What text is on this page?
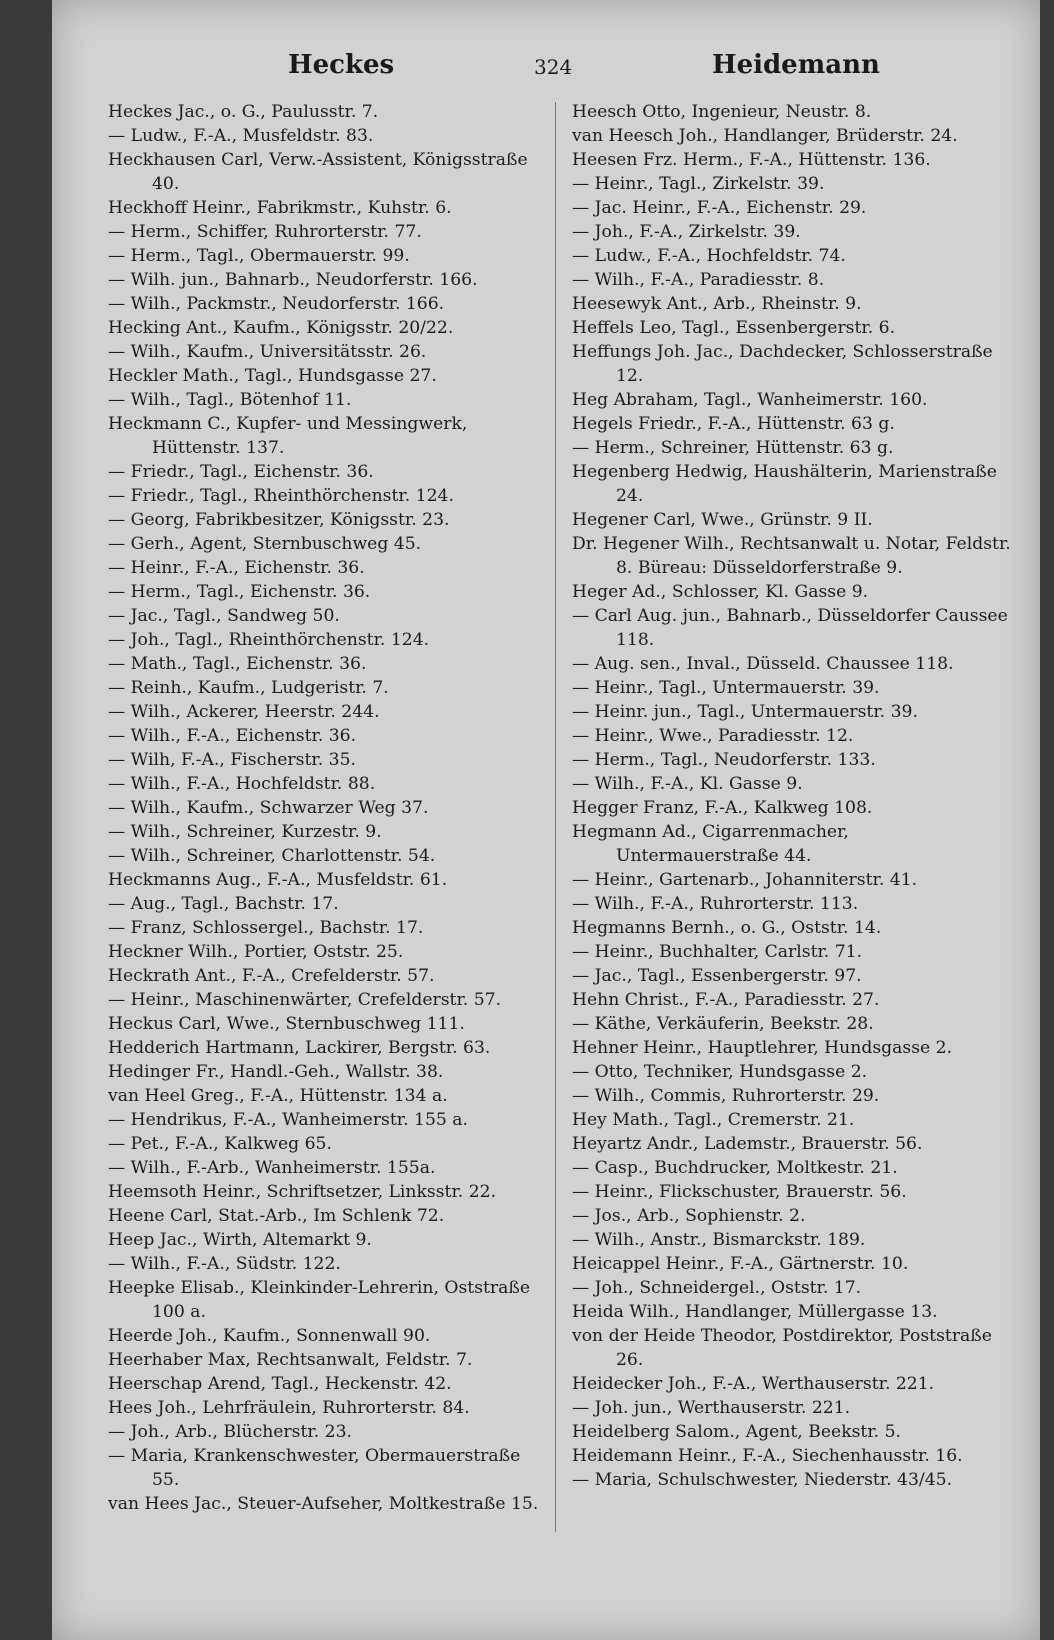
Heckes	324	Heidemann
Heckes Jac., o. G., Paulusstr. 7.
— Ludw., F.-A., Musfeldstr. 83.
Heckhausen Carl, Verw.-Assistent, Königsstraße 40.
Heckhoff Heinr., Fabrikmstr., Kuhstr. 6.
— Herm., Schiffer, Ruhrorterstr. 77.
— Herm., Tagl., Obermauerstr. 99.
— Wilh. jun., Bahnarb., Neudorferstr. 166.
— Wilh., Packmstr., Neudorferstr. 166.
Hecking Ant., Kaufm., Königsstr. 20/22.
— Wilh., Kaufm., Universitätsstr. 26.
Heckler Math., Tagl., Hundsgasse 27.
— Wilh., Tagl., Bötenhof 11.
Heckmann C., Kupfer- und Messingwerk, Hüttenstr. 137.
— Friedr., Tagl., Eichenstr. 36.
— Friedr., Tagl., Rheinthörchenstr. 124.
— Georg, Fabrikbesitzer, Königsstr. 23.
— Gerh., Agent, Sternbuschweg 45.
— Heinr., F.-A., Eichenstr. 36.
— Herm., Tagl., Eichenstr. 36.
— Jac., Tagl., Sandweg 50.
— Joh., Tagl., Rheinthörchenstr. 124.
— Math., Tagl., Eichenstr. 36.
— Reinh., Kaufm., Ludgeristr. 7.
— Wilh., Ackerer, Heerstr. 244.
— Wilh., F.-A., Eichenstr. 36.
— Wilh, F.-A., Fischerstr. 35.
— Wilh., F.-A., Hochfeldstr. 88.
— Wilh., Kaufm., Schwarzer Weg 37.
— Wilh., Schreiner, Kurzestr. 9.
— Wilh., Schreiner, Charlottenstr. 54.
Heckmanns Aug., F.-A., Musfeldstr. 61.
— Aug., Tagl., Bachstr. 17.
— Franz, Schlossergel., Bachstr. 17.
Heckner Wilh., Portier, Oststr. 25.
Heckrath Ant., F.-A., Crefelderstr. 57.
— Heinr., Maschinenwärter, Crefelderstr. 57.
Heckus Carl, Wwe., Sternbuschweg 111.
Hedderich Hartmann, Lackirer, Bergstr. 63.
Hedinger Fr., Handl.-Geh., Wallstr. 38.
van Heel Greg., F.-A., Hüttenstr. 134 a.
— Hendrikus, F.-A., Wanheimerstr. 155 a.
— Pet., F.-A., Kalkweg 65.
— Wilh., F.-Arb., Wanheimerstr. 155a.
Heemsoth Heinr., Schriftsetzer, Linksstr. 22.
Heene Carl, Stat.-Arb., Im Schlenk 72.
Heep Jac., Wirth, Altemarkt 9.
— Wilh., F.-A., Südstr. 122.
Heepke Elisab., Kleinkinder-Lehrerin, Oststraße 100 a.
Heerde Joh., Kaufm., Sonnenwall 90.
Heerhaber Max, Rechtsanwalt, Feldstr. 7.
Heerschap Arend, Tagl., Heckenstr. 42.
Hees Joh., Lehrfräulein, Ruhrorterstr. 84.
— Joh., Arb., Blücherstr. 23.
— Maria, Krankenschwester, Obermauerstraße 55.
van Hees Jac., Steuer-Aufseher, Moltkestraße 15.
Heesch Otto, Ingenieur, Neustr. 8.
van Heesch Joh., Handlanger, Brüderstr. 24.
Heesen Frz. Herm., F.-A., Hüttenstr. 136.
— Heinr., Tagl., Zirkelstr. 39.
— Jac. Heinr., F.-A., Eichenstr. 29.
— Joh., F.-A., Zirkelstr. 39.
— Ludw., F.-A., Hochfeldstr. 74.
— Wilh., F.-A., Paradiesstr. 8.
Heesewyk Ant., Arb., Rheinstr. 9.
Heffels Leo, Tagl., Essenbergerstr. 6.
Heffungs Joh. Jac., Dachdecker, Schlosserstraße 12.
Heg Abraham, Tagl., Wanheimerstr. 160.
Hegels Friedr., F.-A., Hüttenstr. 63 g.
— Herm., Schreiner, Hüttenstr. 63 g.
Hegenberg Hedwig, Haushälterin, Marienstraße 24.
Hegener Carl, Wwe., Grünstr. 9 II.
Dr. Hegener Wilh., Rechtsanwalt u. Notar, Feldstr. 8. Büreau: Düsseldorferstraße 9.
Heger Ad., Schlosser, Kl. Gasse 9.
— Carl Aug. jun., Bahnarb., Düsseldorfer Caussee 118.
— Aug. sen., Inval., Düsseld. Chaussee 118.
— Heinr., Tagl., Untermauerstr. 39.
— Heinr. jun., Tagl., Untermauerstr. 39.
— Heinr., Wwe., Paradiesstr. 12.
— Herm., Tagl., Neudorferstr. 133.
— Wilh., F.-A., Kl. Gasse 9.
Hegger Franz, F.-A., Kalkweg 108.
Hegmann Ad., Cigarrenmacher, Untermauerstraße 44.
— Heinr., Gartenarb., Johanniterstr. 41.
— Wilh., F.-A., Ruhrorterstr. 113.
Hegmanns Bernh., o. G., Oststr. 14.
— Heinr., Buchhalter, Carlstr. 71.
— Jac., Tagl., Essenbergerstr. 97.
Hehn Christ., F.-A., Paradiesstr. 27.
— Käthe, Verkäuferin, Beekstr. 28.
Hehner Heinr., Hauptlehrer, Hundsgasse 2.
— Otto, Techniker, Hundsgasse 2.
— Wilh., Commis, Ruhrorterstr. 29.
Hey Math., Tagl., Cremerstr. 21.
Heyartz Andr., Lademstr., Brauerstr. 56.
— Casp., Buchdrucker, Moltkestr. 21.
— Heinr., Flickschuster, Brauerstr. 56.
— Jos., Arb., Sophienstr. 2.
— Wilh., Anstr., Bismarckstr. 189.
Heicappel Heinr., F.-A., Gärtnerstr. 10.
— Joh., Schneidergel., Oststr. 17.
Heida Wilh., Handlanger, Müllergasse 13.
von der Heide Theodor, Postdirektor, Poststraße 26.
Heidecker Joh., F.-A., Werthauserstr. 221.
— Joh. jun., Werthauserstr. 221.
Heidelberg Salom., Agent, Beekstr. 5.
Heidemann Heinr., F.-A., Siechenhausstr. 16.
— Maria, Schulschwester, Niederstr. 43/45.
